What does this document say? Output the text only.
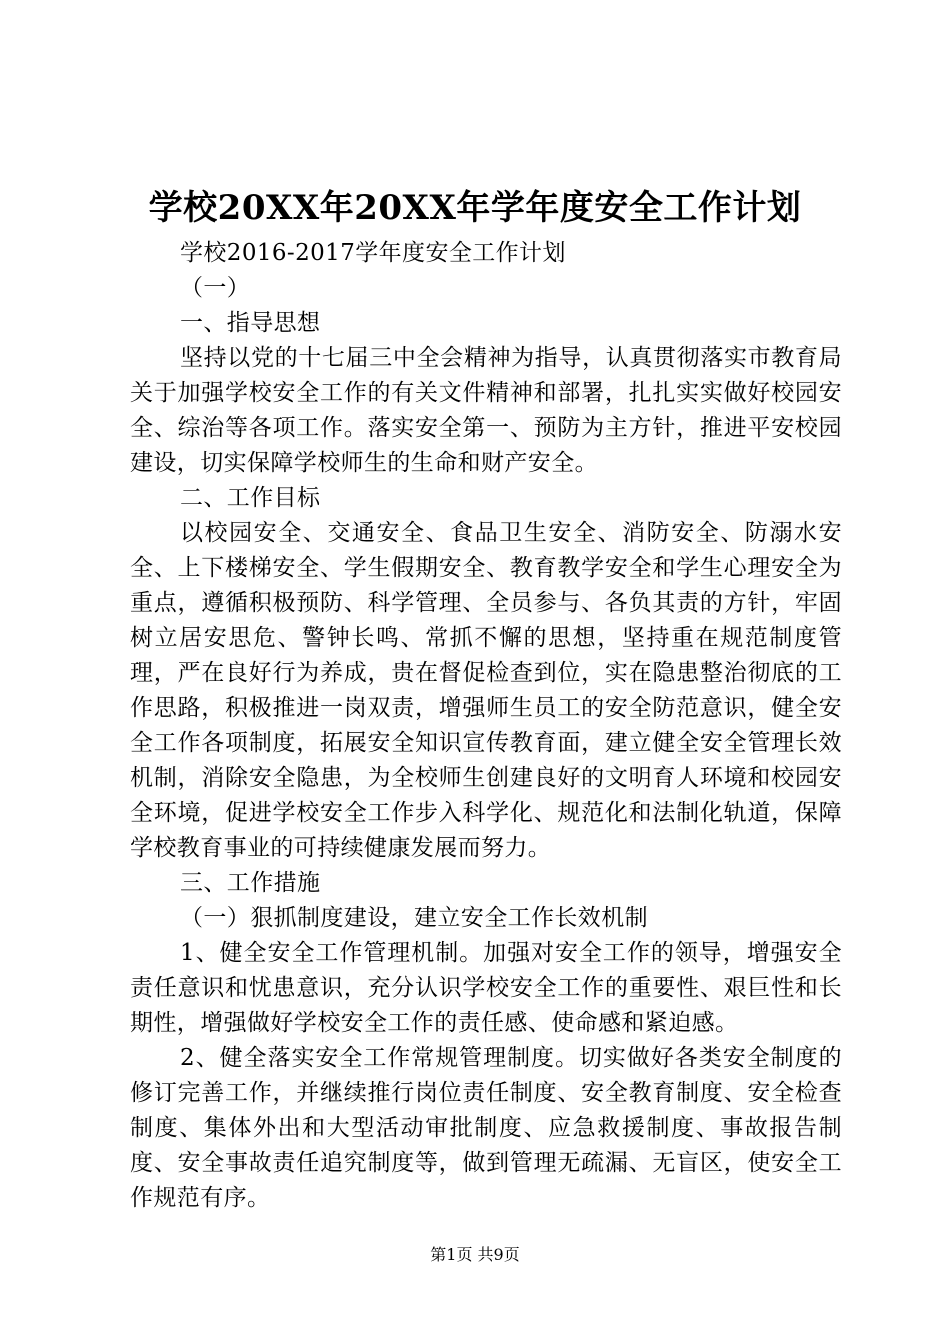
学校20XX年20XX年学年度安全工作计划

学校2016-2017学年度安全工作计划

（一）

一、指导思想

坚持以党的十七届三中全会精神为指导，认真贯彻落实市教育局关于加强学校安全工作的有关文件精神和部署，扎扎实实做好校园安全、综治等各项工作。落实安全第一、预防为主方针，推进平安校园建设，切实保障学校师生的生命和财产安全。

二、工作目标

以校园安全、交通安全、食品卫生安全、消防安全、防溺水安全、上下楼梯安全、学生假期安全、教育教学安全和学生心理安全为重点，遵循积极预防、科学管理、全员参与、各负其责的方针，牢固树立居安思危、警钟长鸣、常抓不懈的思想，坚持重在规范制度管理，严在良好行为养成，贵在督促检查到位，实在隐患整治彻底的工作思路，积极推进一岗双责，增强师生员工的安全防范意识，健全安全工作各项制度，拓展安全知识宣传教育面，建立健全安全管理长效机制，消除安全隐患，为全校师生创建良好的文明育人环境和校园安全环境，促进学校安全工作步入科学化、规范化和法制化轨道，保障学校教育事业的可持续健康发展而努力。

三、工作措施

（一）狠抓制度建设，建立安全工作长效机制

1、健全安全工作管理机制。加强对安全工作的领导，增强安全责任意识和忧患意识，充分认识学校安全工作的重要性、艰巨性和长期性，增强做好学校安全工作的责任感、使命感和紧迫感。

2、健全落实安全工作常规管理制度。切实做好各类安全制度的修订完善工作，并继续推行岗位责任制度、安全教育制度、安全检查制度、集体外出和大型活动审批制度、应急救援制度、事故报告制度、安全事故责任追究制度等，做到管理无疏漏、无盲区，使安全工作规范有序。

第1页 共9页
